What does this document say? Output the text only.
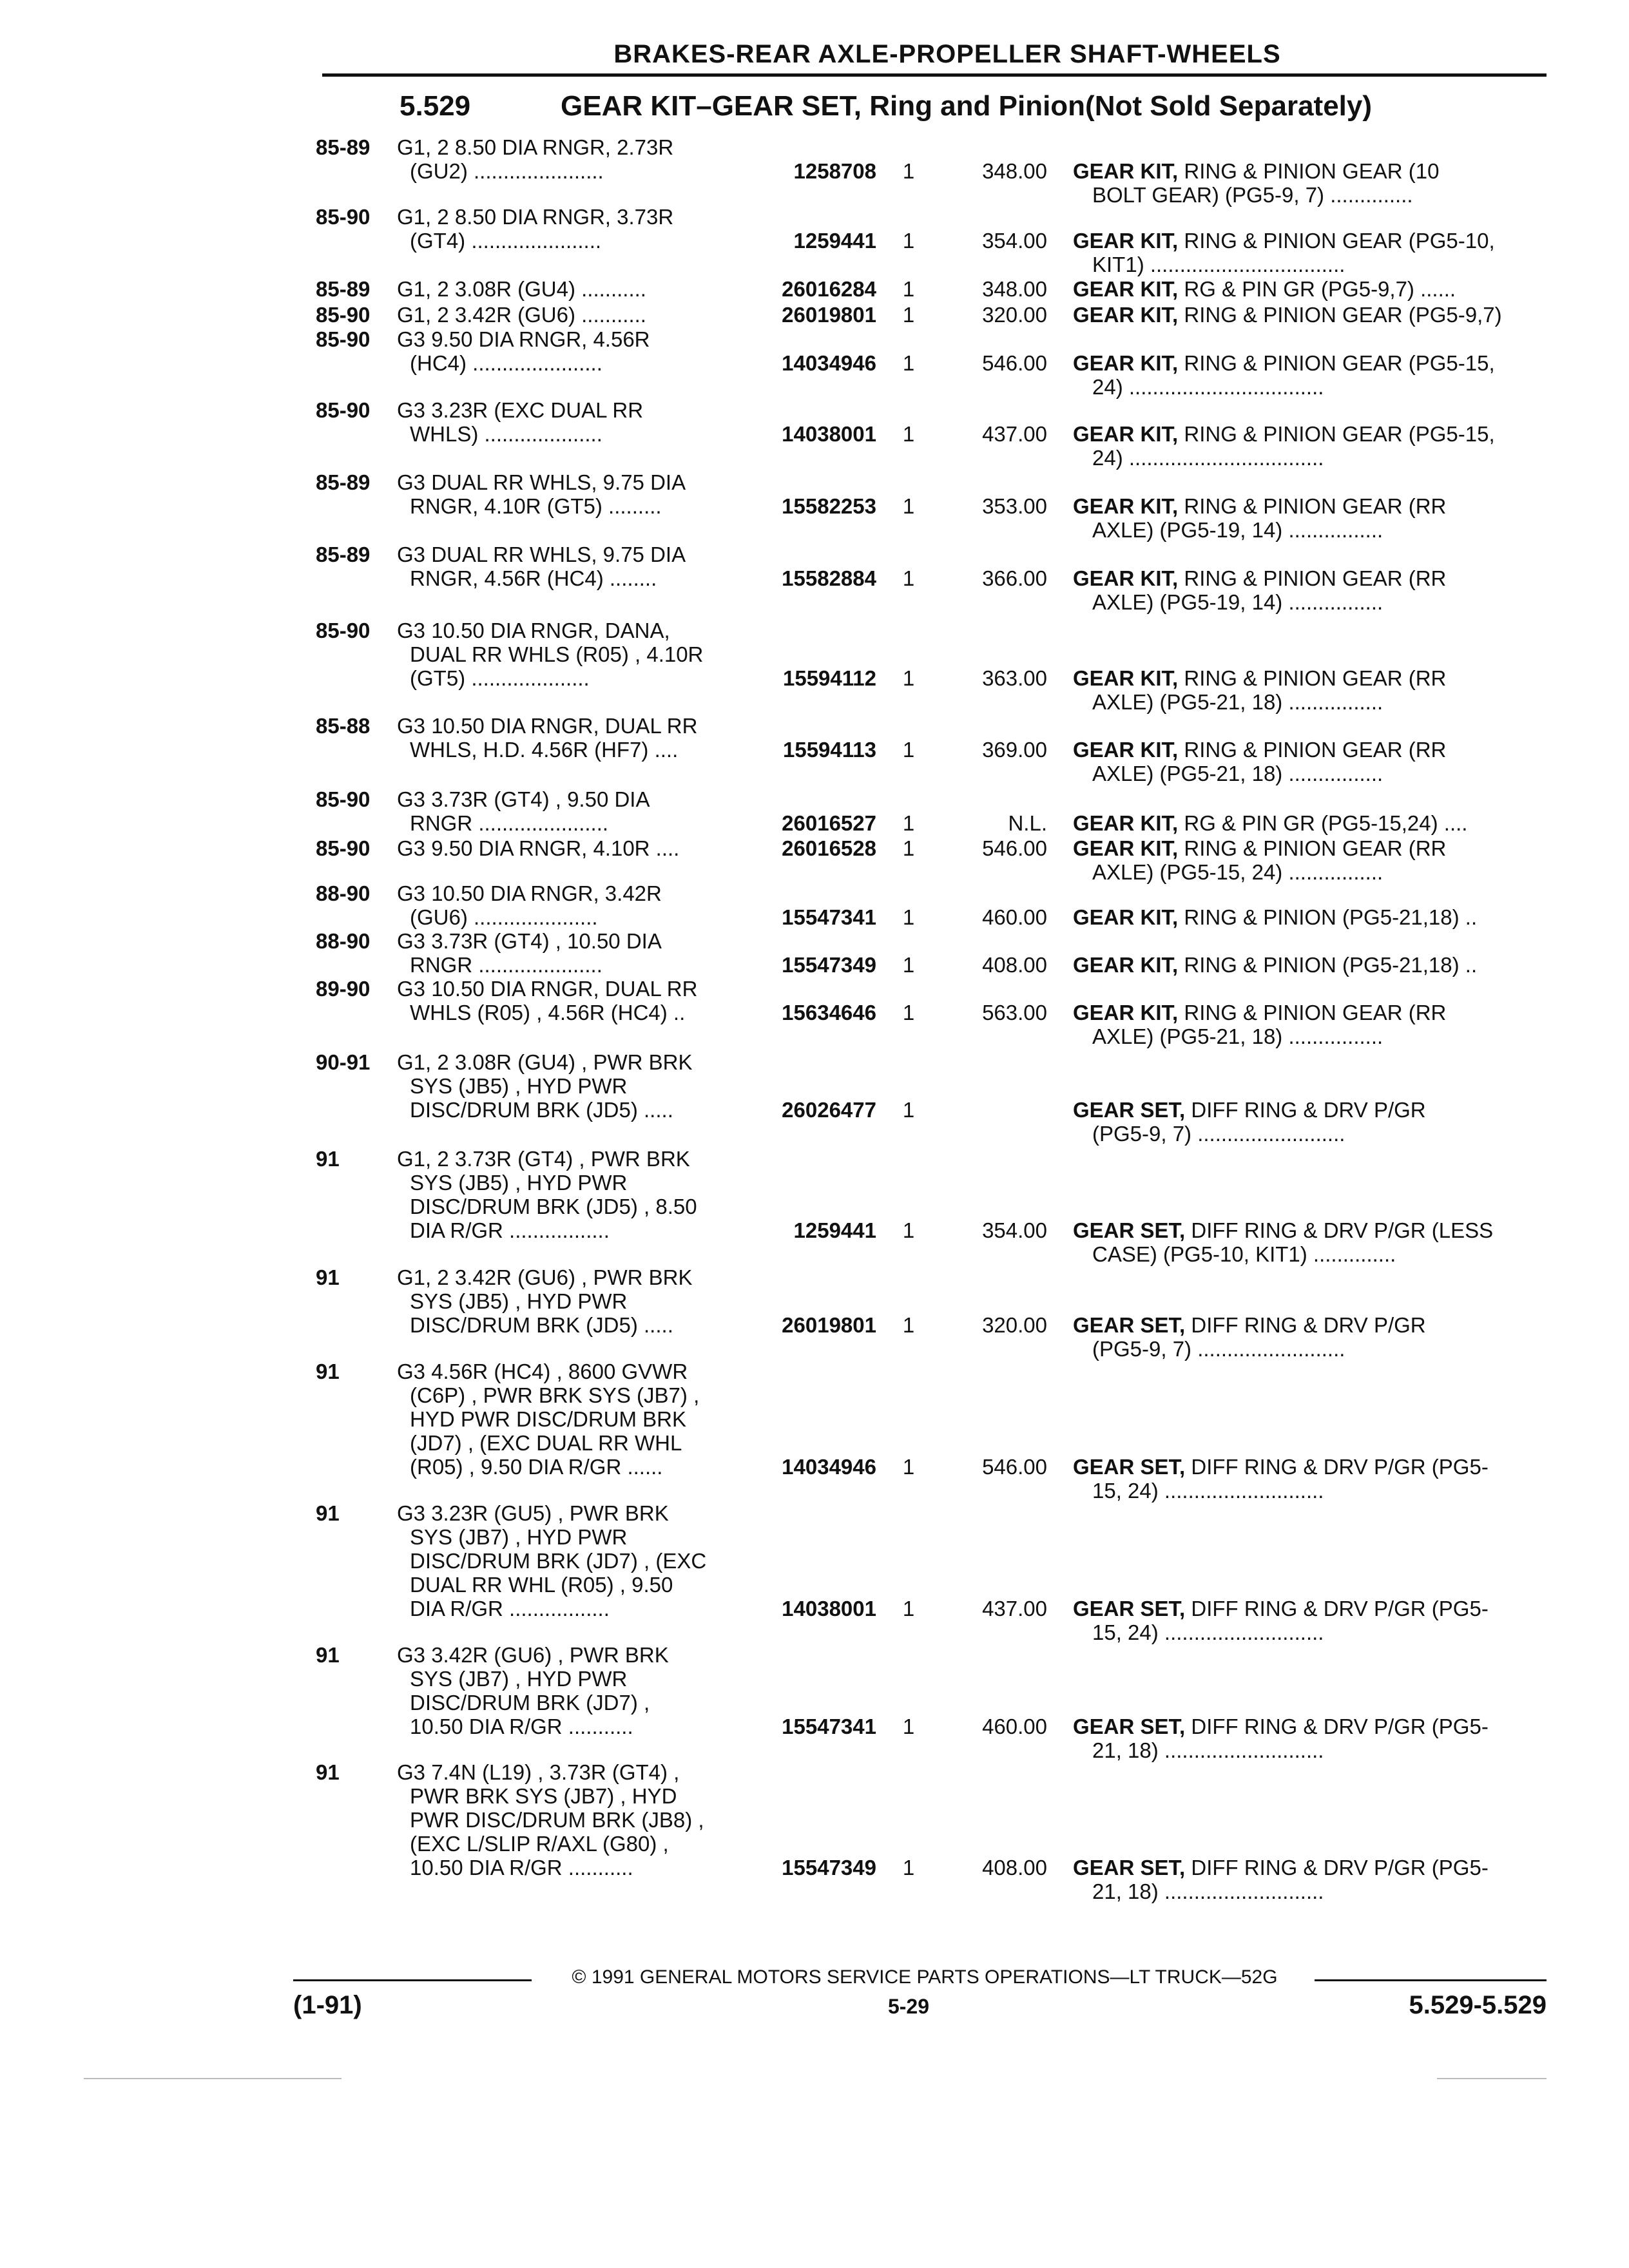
BRAKES-REAR AXLE-PROPELLER SHAFT-WHEELS
5.529	GEAR KIT–GEAR SET, Ring and Pinion(Not Sold Separately)
85-89	G1, 2 8.50 DIA RNGR, 2.73R
(GU2) ......................	1258708 1	348.00 GEAR KIT, RING & PINION GEAR (10
BOLT GEAR) (PG5-9, 7) ..............
85-90	G1, 2 8.50 DIA RNGR, 3.73R
(GT4) ......................	1259441 1	354.00 GEAR KIT, RING & PINION GEAR (PG5-10,
KIT1) .................................
85-89	G1, 2 3.08R (GU4) ...........	26016284 1	348.00 GEAR KIT, RG & PIN GR (PG5-9,7) ......
85-90	G1, 2 3.42R (GU6) ...........	26019801 1	320.00 GEAR KIT, RING & PINION GEAR (PG5-9,7)
85-90	G3 9.50 DIA RNGR, 4.56R
(HC4) ......................	14034946 1	546.00 GEAR KIT, RING & PINION GEAR (PG5-15,
24) .................................
85-90	G3 3.23R (EXC DUAL RR
WHLS) ....................	14038001 1	437.00 GEAR KIT, RING & PINION GEAR (PG5-15,
24) .................................
85-89	G3 DUAL RR WHLS, 9.75 DIA
RNGR, 4.10R (GT5) .........	15582253 1	353.00 GEAR KIT, RING & PINION GEAR (RR
AXLE) (PG5-19, 14) ................
85-89	G3 DUAL RR WHLS, 9.75 DIA
RNGR, 4.56R (HC4) ........	15582884 1	366.00 GEAR KIT, RING & PINION GEAR (RR
AXLE) (PG5-19, 14) ................
85-90	G3 10.50 DIA RNGR, DANA,
DUAL RR WHLS (R05) , 4.10R
(GT5) ....................	15594112 1	363.00 GEAR KIT, RING & PINION GEAR (RR
AXLE) (PG5-21, 18) ................
85-88	G3 10.50 DIA RNGR, DUAL RR
WHLS, H.D. 4.56R (HF7) ....	15594113 1	369.00 GEAR KIT, RING & PINION GEAR (RR
AXLE) (PG5-21, 18) ................
85-90	G3 3.73R (GT4) , 9.50 DIA
RNGR ......................	26016527 1	N.L. GEAR KIT, RG & PIN GR (PG5-15,24) ....
85-90	G3 9.50 DIA RNGR, 4.10R ....	26016528 1	546.00 GEAR KIT, RING & PINION GEAR (RR
AXLE) (PG5-15, 24) ................
88-90	G3 10.50 DIA RNGR, 3.42R
(GU6) .....................	15547341 1	460.00 GEAR KIT, RING & PINION (PG5-21,18) ..
88-90	G3 3.73R (GT4) , 10.50 DIA
RNGR .....................	15547349 1	408.00 GEAR KIT, RING & PINION (PG5-21,18) ..
89-90	G3 10.50 DIA RNGR, DUAL RR
WHLS (R05) , 4.56R (HC4) ..	15634646 1	563.00 GEAR KIT, RING & PINION GEAR (RR
AXLE) (PG5-21, 18) ................
90-91	G1, 2 3.08R (GU4) , PWR BRK
SYS (JB5) , HYD PWR
DISC/DRUM BRK (JD5) .....	26026477 1	GEAR SET, DIFF RING & DRV P/GR
(PG5-9, 7) .........................
91	G1, 2 3.73R (GT4) , PWR BRK
SYS (JB5) , HYD PWR
DISC/DRUM BRK (JD5) , 8.50
DIA R/GR .................	1259441 1	354.00 GEAR SET, DIFF RING & DRV P/GR (LESS
CASE) (PG5-10, KIT1) ..............
91	G1, 2 3.42R (GU6) , PWR BRK
SYS (JB5) , HYD PWR
DISC/DRUM BRK (JD5) .....	26019801 1	320.00 GEAR SET, DIFF RING & DRV P/GR
(PG5-9, 7) .........................
91	G3 4.56R (HC4) , 8600 GVWR
(C6P) , PWR BRK SYS (JB7) ,
HYD PWR DISC/DRUM BRK
(JD7) , (EXC DUAL RR WHL
(R05) , 9.50 DIA R/GR ......	14034946 1	546.00 GEAR SET, DIFF RING & DRV P/GR (PG5-
15, 24) ...........................
91	G3 3.23R (GU5) , PWR BRK
SYS (JB7) , HYD PWR
DISC/DRUM BRK (JD7) , (EXC
DUAL RR WHL (R05) , 9.50
DIA R/GR .................	14038001 1	437.00 GEAR SET, DIFF RING & DRV P/GR (PG5-
15, 24) ...........................
91	G3 3.42R (GU6) , PWR BRK
SYS (JB7) , HYD PWR
DISC/DRUM BRK (JD7) ,
10.50 DIA R/GR ...........	15547341 1	460.00 GEAR SET, DIFF RING & DRV P/GR (PG5-
21, 18) ...........................
91	G3 7.4N (L19) , 3.73R (GT4) ,
PWR BRK SYS (JB7) , HYD
PWR DISC/DRUM BRK (JB8) ,
(EXC L/SLIP R/AXL (G80) ,
10.50 DIA R/GR ...........	15547349 1	408.00 GEAR SET, DIFF RING & DRV P/GR (PG5-
21, 18) ...........................
© 1991 GENERAL MOTORS SERVICE PARTS OPERATIONS—LT TRUCK—52G
(1-91)	5-29	5.529-5.529
